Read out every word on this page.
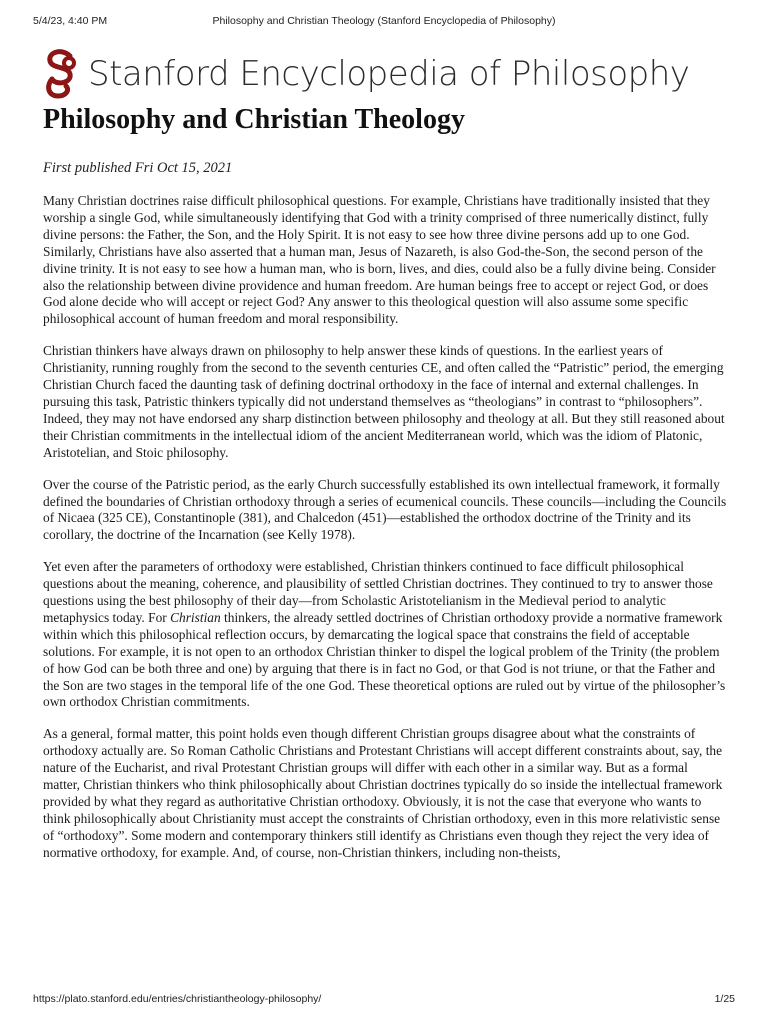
5/4/23, 4:40 PM	Philosophy and Christian Theology (Stanford Encyclopedia of Philosophy)
Stanford Encyclopedia of Philosophy
Philosophy and Christian Theology
First published Fri Oct 15, 2021

Many Christian doctrines raise difficult philosophical questions. For example, Christians have traditionally insisted that they worship a single God, while simultaneously identifying that God with a trinity comprised of three numerically distinct, fully divine persons: the Father, the Son, and the Holy Spirit. It is not easy to see how three divine persons add up to one God. Similarly, Christians have also asserted that a human man, Jesus of Nazareth, is also God-the-Son, the second person of the divine trinity. It is not easy to see how a human man, who is born, lives, and dies, could also be a fully divine being. Consider also the relationship between divine providence and human freedom. Are human beings free to accept or reject God, or does God alone decide who will accept or reject God? Any answer to this theological question will also assume some specific philosophical account of human freedom and moral responsibility.

Christian thinkers have always drawn on philosophy to help answer these kinds of questions. In the earliest years of Christianity, running roughly from the second to the seventh centuries CE, and often called the “Patristic” period, the emerging Christian Church faced the daunting task of defining doctrinal orthodoxy in the face of internal and external challenges. In pursuing this task, Patristic thinkers typically did not understand themselves as “theologians” in contrast to “philosophers”. Indeed, they may not have endorsed any sharp distinction between philosophy and theology at all. But they still reasoned about their Christian commitments in the intellectual idiom of the ancient Mediterranean world, which was the idiom of Platonic, Aristotelian, and Stoic philosophy.

Over the course of the Patristic period, as the early Church successfully established its own intellectual framework, it formally defined the boundaries of Christian orthodoxy through a series of ecumenical councils. These councils—including the Councils of Nicaea (325 CE), Constantinople (381), and Chalcedon (451)—established the orthodox doctrine of the Trinity and its corollary, the doctrine of the Incarnation (see Kelly 1978).

Yet even after the parameters of orthodoxy were established, Christian thinkers continued to face difficult philosophical questions about the meaning, coherence, and plausibility of settled Christian doctrines. They continued to try to answer those questions using the best philosophy of their day—from Scholastic Aristotelianism in the Medieval period to analytic metaphysics today. For Christian thinkers, the already settled doctrines of Christian orthodoxy provide a normative framework within which this philosophical reflection occurs, by demarcating the logical space that constrains the field of acceptable solutions. For example, it is not open to an orthodox Christian thinker to dispel the logical problem of the Trinity (the problem of how God can be both three and one) by arguing that there is in fact no God, or that God is not triune, or that the Father and the Son are two stages in the temporal life of the one God. These theoretical options are ruled out by virtue of the philosopher’s own orthodox Christian commitments.

As a general, formal matter, this point holds even though different Christian groups disagree about what the constraints of orthodoxy actually are. So Roman Catholic Christians and Protestant Christians will accept different constraints about, say, the nature of the Eucharist, and rival Protestant Christian groups will differ with each other in a similar way. But as a formal matter, Christian thinkers who think philosophically about Christian doctrines typically do so inside the intellectual framework provided by what they regard as authoritative Christian orthodoxy. Obviously, it is not the case that everyone who wants to think philosophically about Christianity must accept the constraints of Christian orthodoxy, even in this more relativistic sense of “orthodoxy”. Some modern and contemporary thinkers still identify as Christians even though they reject the very idea of normative orthodoxy, for example. And, of course, non-Christian thinkers, including non-theists,

https://plato.stanford.edu/entries/christiantheology-philosophy/	1/25
